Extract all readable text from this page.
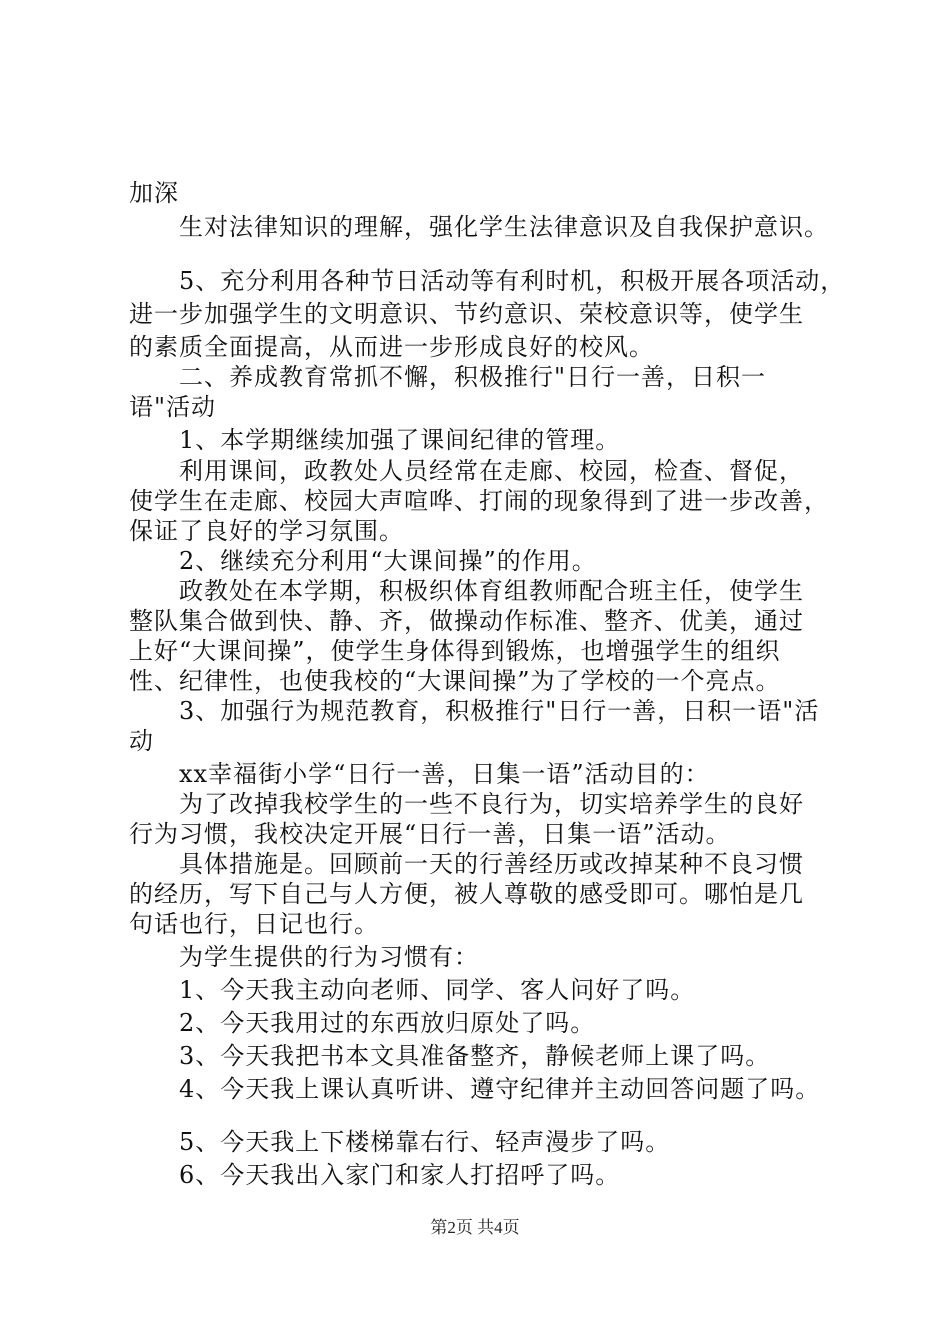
加深
　　生对法律知识的理解，强化学生法律意识及自我保护意识。
　　5、充分利用各种节日活动等有利时机，积极开展各项活动，
进一步加强学生的文明意识、节约意识、荣校意识等，使学生
的素质全面提高，从而进一步形成良好的校风。
　　二、养成教育常抓不懈，积极推行"日行一善，日积一
语"活动
　　1、本学期继续加强了课间纪律的管理。
　　利用课间，政教处人员经常在走廊、校园，检查、督促，
使学生在走廊、校园大声喧哗、打闹的现象得到了进一步改善，
保证了良好的学习氛围。
　　2、继续充分利用“大课间操”的作用。
　　政教处在本学期，积极织体育组教师配合班主任，使学生
整队集合做到快、静、齐，做操动作标准、整齐、优美，通过
上好“大课间操”，使学生身体得到锻炼，也增强学生的组织
性、纪律性，也使我校的“大课间操”为了学校的一个亮点。
　　3、加强行为规范教育，积极推行"日行一善，日积一语"活
动
　　xx幸福街小学“日行一善，日集一语”活动目的：
　　为了改掉我校学生的一些不良行为，切实培养学生的良好
行为习惯，我校决定开展“日行一善，日集一语”活动。
　　具体措施是。回顾前一天的行善经历或改掉某种不良习惯
的经历，写下自己与人方便，被人尊敬的感受即可。哪怕是几
句话也行，日记也行。
　　为学生提供的行为习惯有：
　　1、今天我主动向老师、同学、客人问好了吗。
　　2、今天我用过的东西放归原处了吗。
　　3、今天我把书本文具准备整齐，静候老师上课了吗。
　　4、今天我上课认真听讲、遵守纪律并主动回答问题了吗。
　　5、今天我上下楼梯靠右行、轻声漫步了吗。
　　6、今天我出入家门和家人打招呼了吗。
第2页 共4页
